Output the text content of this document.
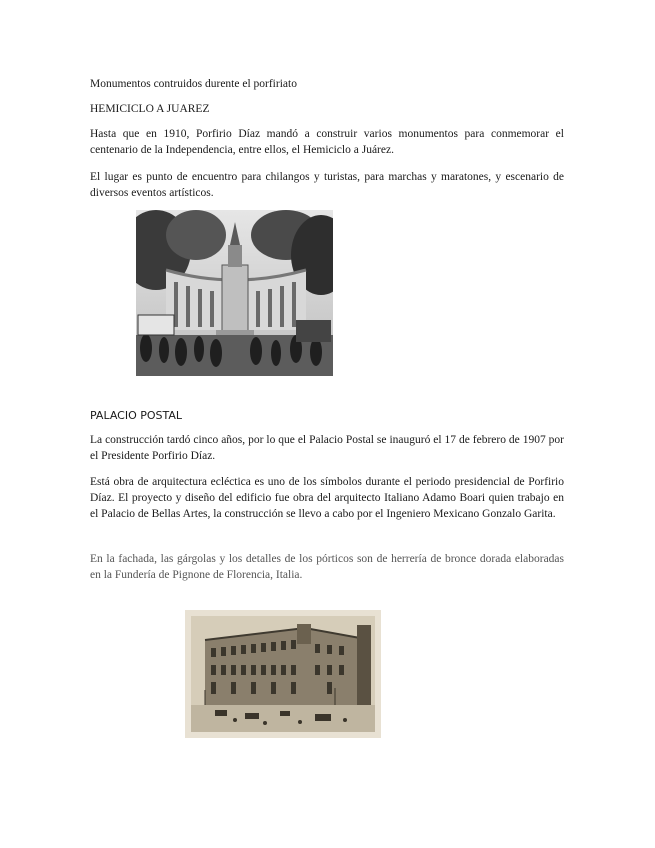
Monumentos contruidos durente el porfiriato

HEMICICLO A JUAREZ

Hasta que en 1910, Porfirio Díaz mandó a construir varios monumentos para conmemorar el centenario de la Independencia, entre ellos, el Hemiciclo a Juárez.

El lugar es punto de encuentro para chilangos y turistas, para marchas y maratones, y escenario de diversos eventos artísticos.

PALACIO POSTAL

La construcción tardó cinco años, por lo que el Palacio Postal se inauguró el 17 de febrero de 1907 por el Presidente Porfirio Díaz.

Está obra de arquitectura ecléctica es uno de los símbolos durante el periodo presidencial de Porfirio Díaz. El proyecto y diseño del edificio fue obra del arquitecto Italiano Adamo Boari quien trabajo en el Palacio de Bellas Artes, la construcción se llevo a cabo por el Ingeniero Mexicano Gonzalo Garita.

En la fachada, las gárgolas y los detalles de los pórticos son de herrería de bronce dorada elaboradas en la Fundería de Pignone de Florencia, Italia.
